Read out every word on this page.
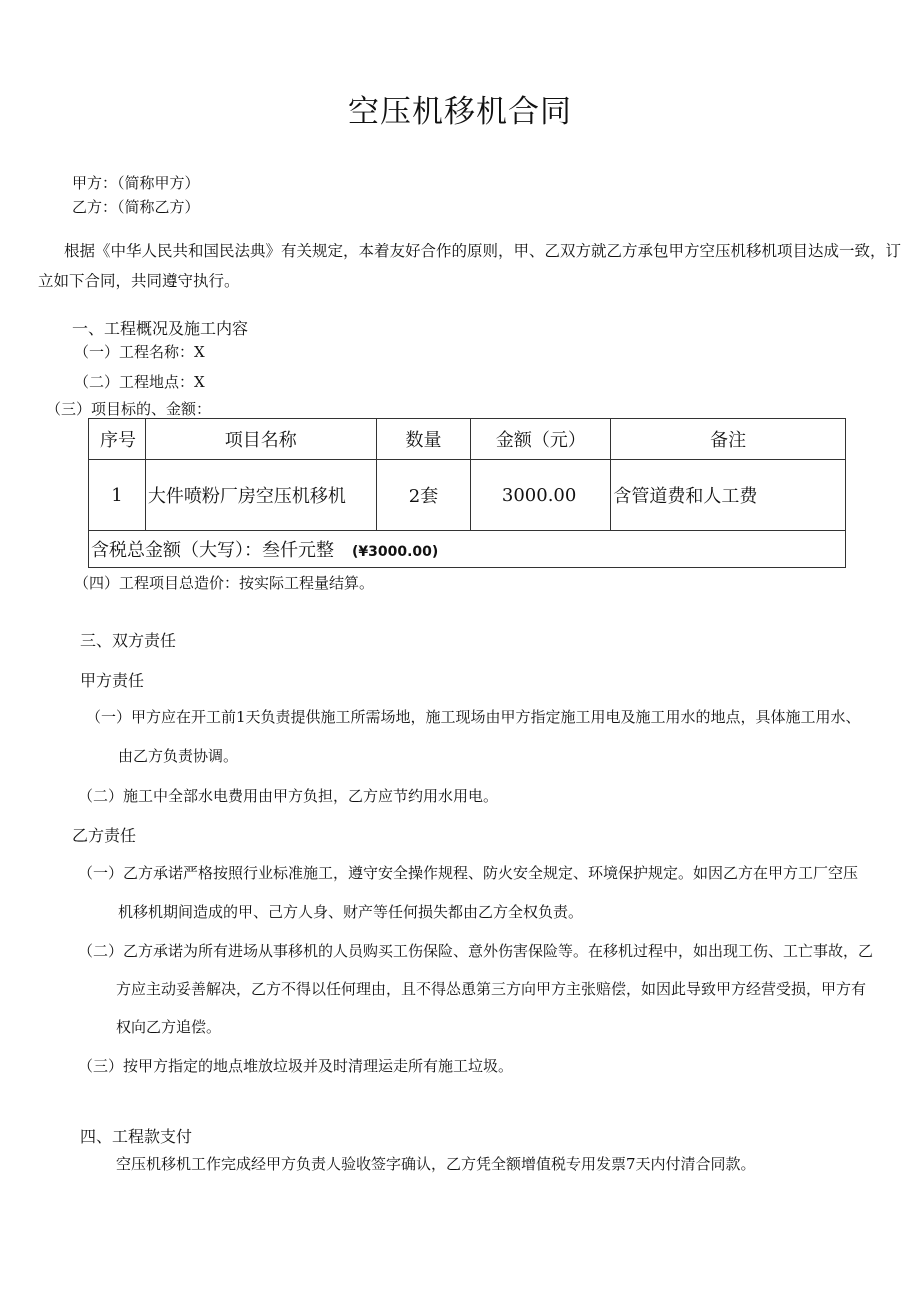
空压机移机合同
甲方：（简称甲方）
乙方：（简称乙方）
根据《中华人民共和国民法典》有关规定，本着友好合作的原则，甲、乙双方就乙方承包甲方空压机移机项目达成一致，订立如下合同，共同遵守执行。
一、工程概况及施工内容
（一）工程名称：X
（二）工程地点：X
（三）项目标的、金额：
序号	项目名称	数量	金额（元）	备注
1	大件喷粉厂房空压机移机	2套	3000.00	含管道费和人工费
含税总金额（大写）：叁仟元整 (¥3000.00)				
（四）工程项目总造价：按实际工程量结算。
三、双方责任
甲方责任
（一）甲方应在开工前1天负责提供施工所需场地，施工现场由甲方指定施工用电及施工用水的地点，具体施工用水、
由乙方负责协调。
（二）施工中全部水电费用由甲方负担，乙方应节约用水用电。
乙方责任
（一）乙方承诺严格按照行业标准施工，遵守安全操作规程、防火安全规定、环境保护规定。如因乙方在甲方工厂空压
机移机期间造成的甲、己方人身、财产等任何损失都由乙方全权负责。
（二）乙方承诺为所有进场从事移机的人员购买工伤保险、意外伤害保险等。在移机过程中，如出现工伤、工亡事故，乙
方应主动妥善解决，乙方不得以任何理由，且不得怂恿第三方向甲方主张赔偿，如因此导致甲方经营受损，甲方有
权向乙方追偿。
（三）按甲方指定的地点堆放垃圾并及时清理运走所有施工垃圾。
四、工程款支付
空压机移机工作完成经甲方负责人验收签字确认，乙方凭全额增值税专用发票7天内付清合同款。
